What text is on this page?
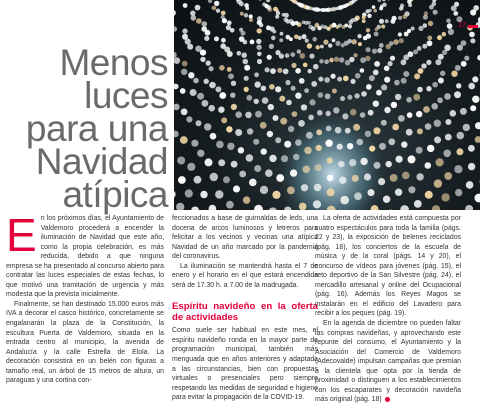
17
Menos
luces
para una
Navidad
atípica
E n los próximos días, el Ayuntamiento de Valdemoro procederá a encender la iluminación de Navidad que este año, como la propia celebración, es más reducida, debido a que ninguna empresa se ha presentado al concurso abierto para contratar las luces especiales de estas fechas, lo que motivó una tramitación de urgencia y más modesta que la prevista inicialmente.

Finalmente, se han destinado 15.000 euros más IVA a decorar el casco histórico, concretamente se engalanarán la plaza de la Constitución, la escultura Puerta de Valdemoro, situada en la entrada centro al municipio, la avenida de Andalucía y la calle Estrella de Elola. La decoración consistirá en un belén con figuras a tamaño real, un árbol de 15 metros de altura, un paraguas y una cortina con-

feccionados a base de guirnaldas de leds, una docena de arcos luminosos y letreros para felicitar a los vecinos y vecinas una atípica Navidad de un año marcado por la pandemia del coronavirus.

La iluminación se mantendrá hasta el 7 de enero y el horario en el que estará encendida será de 17.30 h. a 7.00 de la madrugada.

Espíritu navideño en la oferta de actividades

Como suele ser habitual en este mes, el espíritu navideño ronda en la mayor parte de programación municipal, también más menguada que en años anteriores y adaptada a las circunstancias, bien con propuestas virtuales o presenciales pero siempre respetando las medidas de seguridad e higiene para evitar la propagación de la COVID-19.

La oferta de actividades está compuesta por cuatro espectáculos para toda la familia (págs. 22 y 23), la exposición de belenes reciclados (pág. 18), los conciertos de la escuela de música y de la coral (págs. 14 y 20), el concurso de vídeos para jóvenes (pág. 15), el reto deportivo de la San Silvestre (pág. 24), el mercadillo artesanal y online del Ocupacional (pág. 16). Además los Reyes Magos se instalarán en el edificio del Lavadero para recibir a los peques (pág. 19).

En la agenda de diciembre no pueden faltar las compras navideñas, y aprovechando este repunte del consumo, el Ayuntamiento y la Asociación del Comercio de Valdemoro (Adecovalde) impulsan campañas que premian a la clientela que opta por la tienda de proximidad o distinguen a los establecimientos con los escaparates y decoración navideña más original (pág. 18)
